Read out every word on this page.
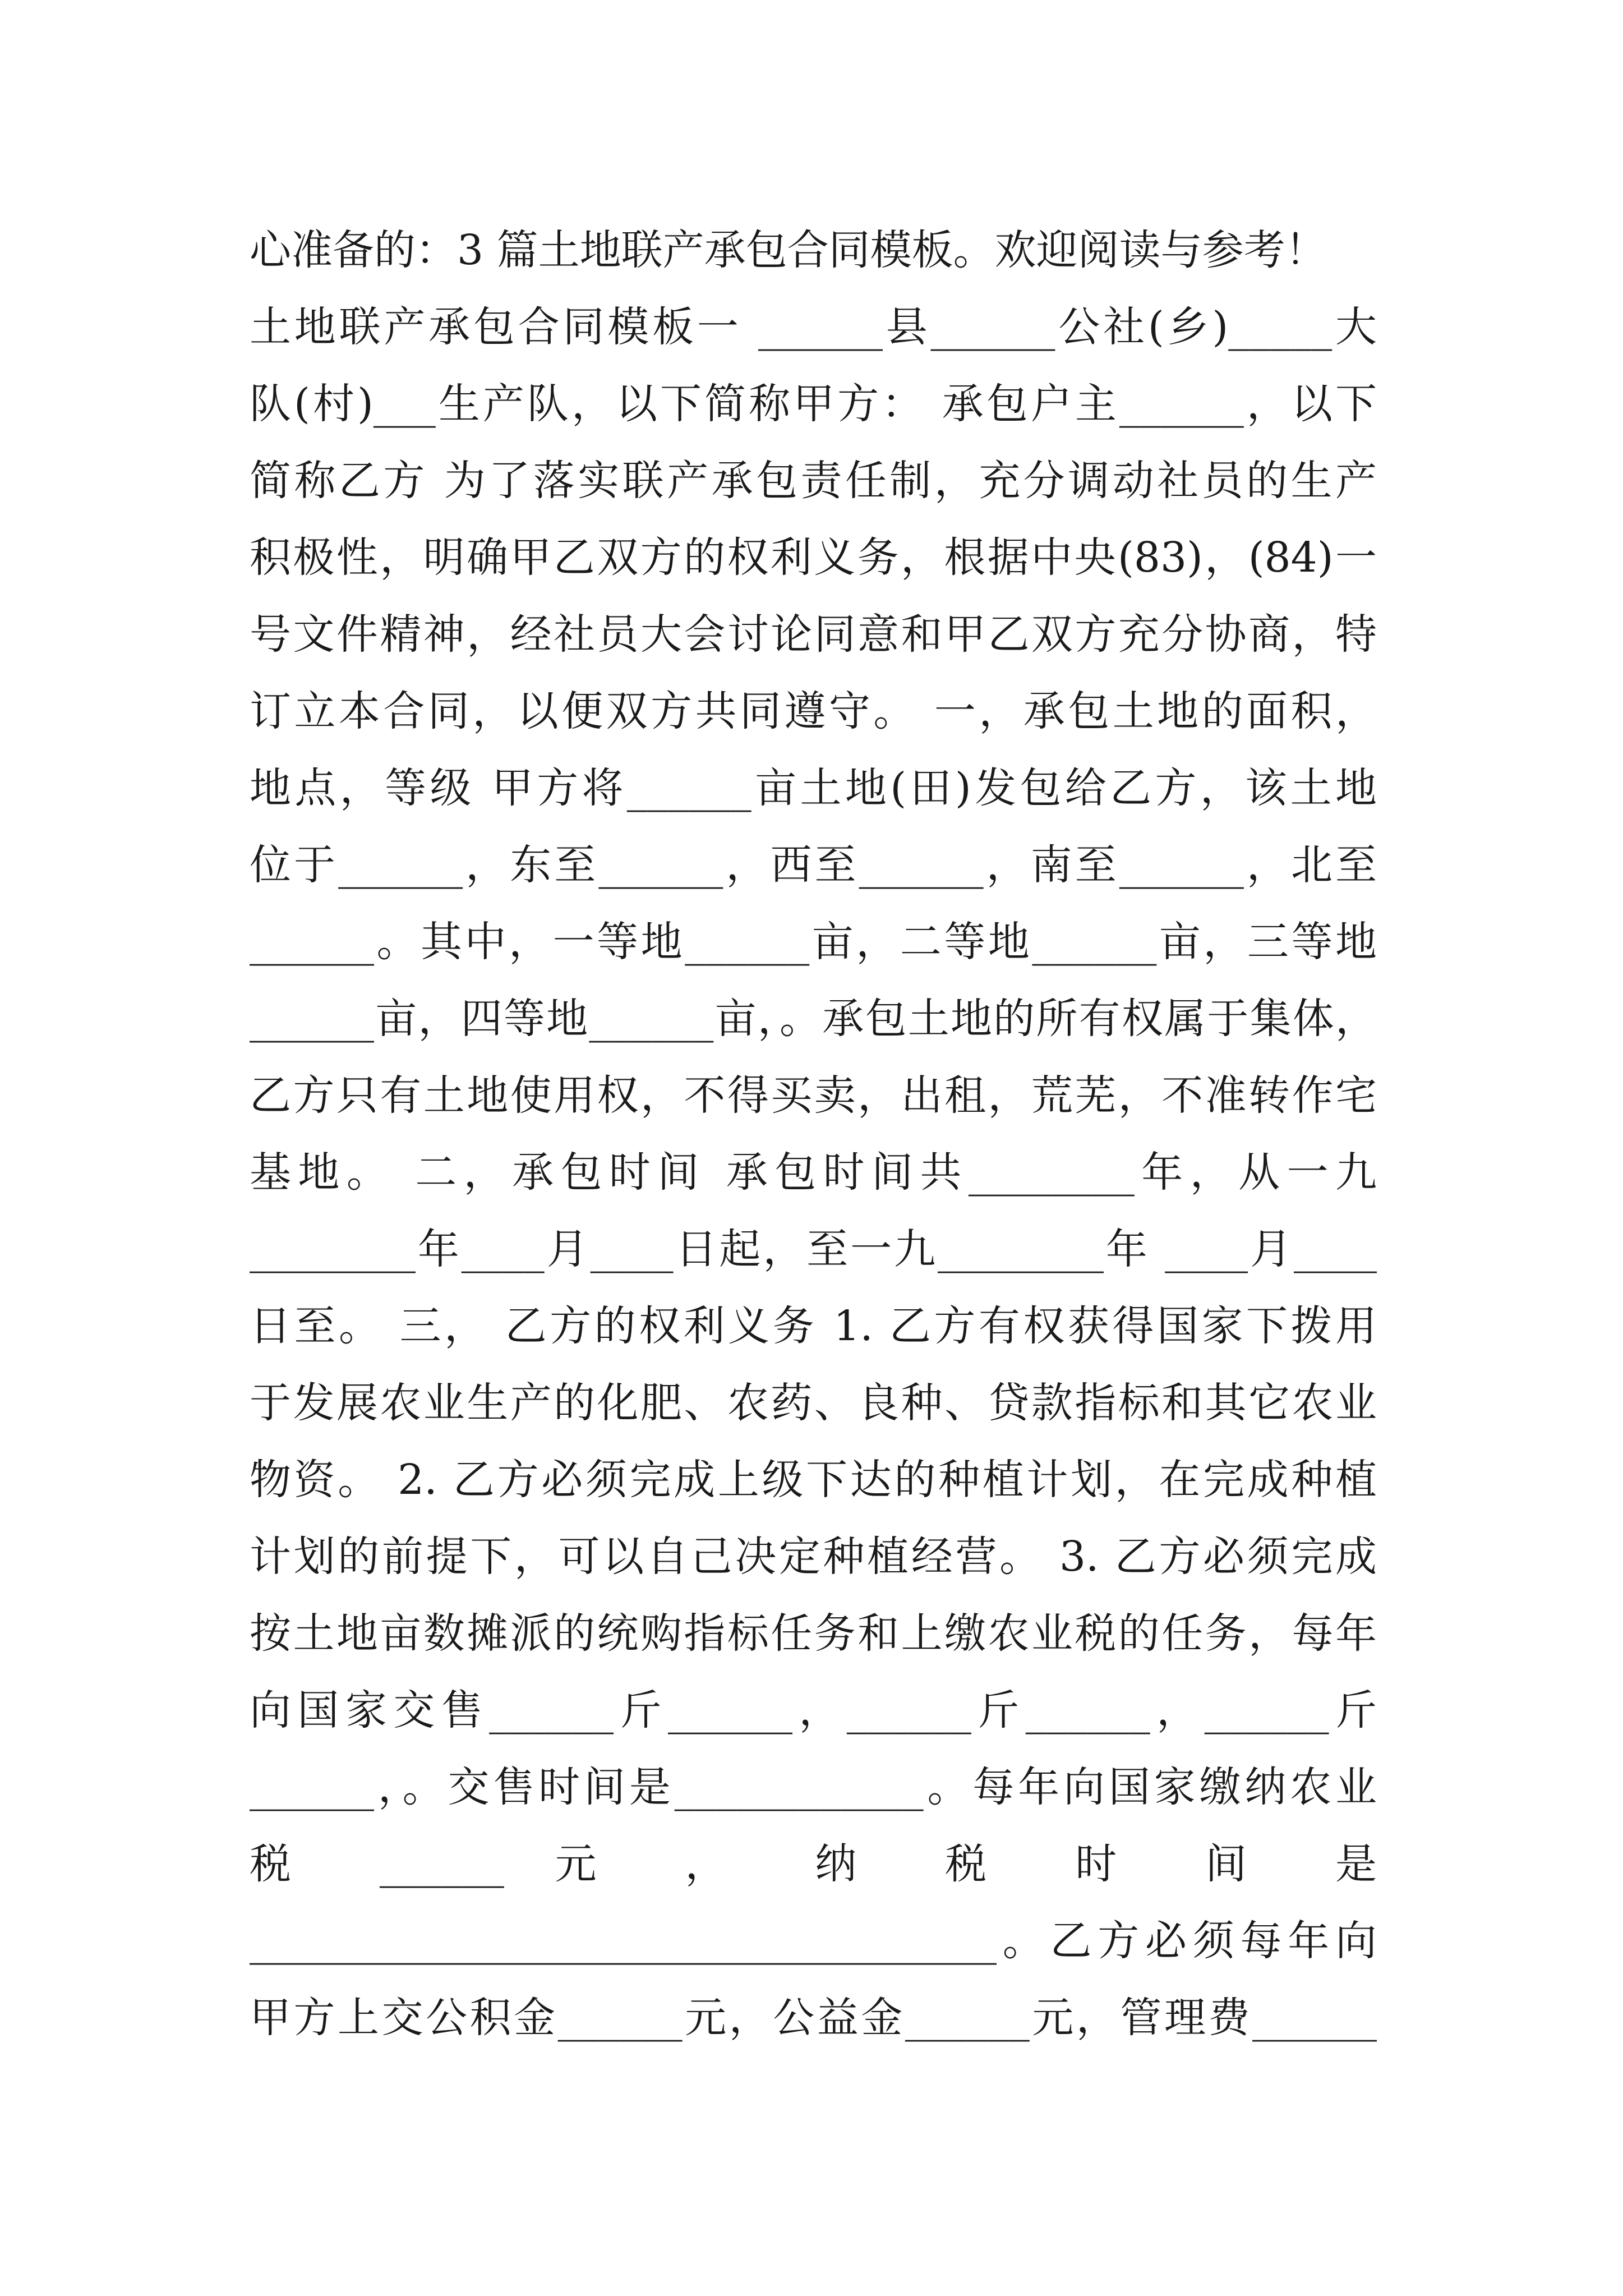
心准备的：3 篇土地联产承包合同模板。欢迎阅读与参考！
土地联产承包合同模板一 ______县______公社(乡)_____大
队(村)___生产队，以下简称甲方： 承包户主______，以下
简称乙方 为了落实联产承包责任制，充分调动社员的生产
积极性，明确甲乙双方的权利义务，根据中央(83)，(84)一
号文件精神，经社员大会讨论同意和甲乙双方充分协商，特
订立本合同，以便双方共同遵守。 一，承包土地的面积，
地点，等级 甲方将______亩土地(田)发包给乙方，该土地
位于______，东至______，西至______，南至______，北至
______。其中，一等地______亩，二等地______亩，三等地
______亩，四等地______亩，。承包土地的所有权属于集体，
乙方只有土地使用权，不得买卖，出租，荒芜，不准转作宅
基地。 二，承包时间 承包时间共________年，从一九
________年____月____日起，至一九________年 ____月____
日至。 三， 乙方的权利义务 1. 乙方有权获得国家下拨用
于发展农业生产的化肥、农药、良种、贷款指标和其它农业
物资。 2. 乙方必须完成上级下达的种植计划，在完成种植
计划的前提下，可以自己决定种植经营。 3. 乙方必须完成
按土地亩数摊派的统购指标任务和上缴农业税的任务，每年
向国家交售______斤______，______斤______，______斤
______，。交售时间是____________。每年向国家缴纳农业
税 ______ 元 ， 纳 税 时 间 是
____________________________________。乙方必须每年向
甲方上交公积金______元，公益金______元，管理费______
